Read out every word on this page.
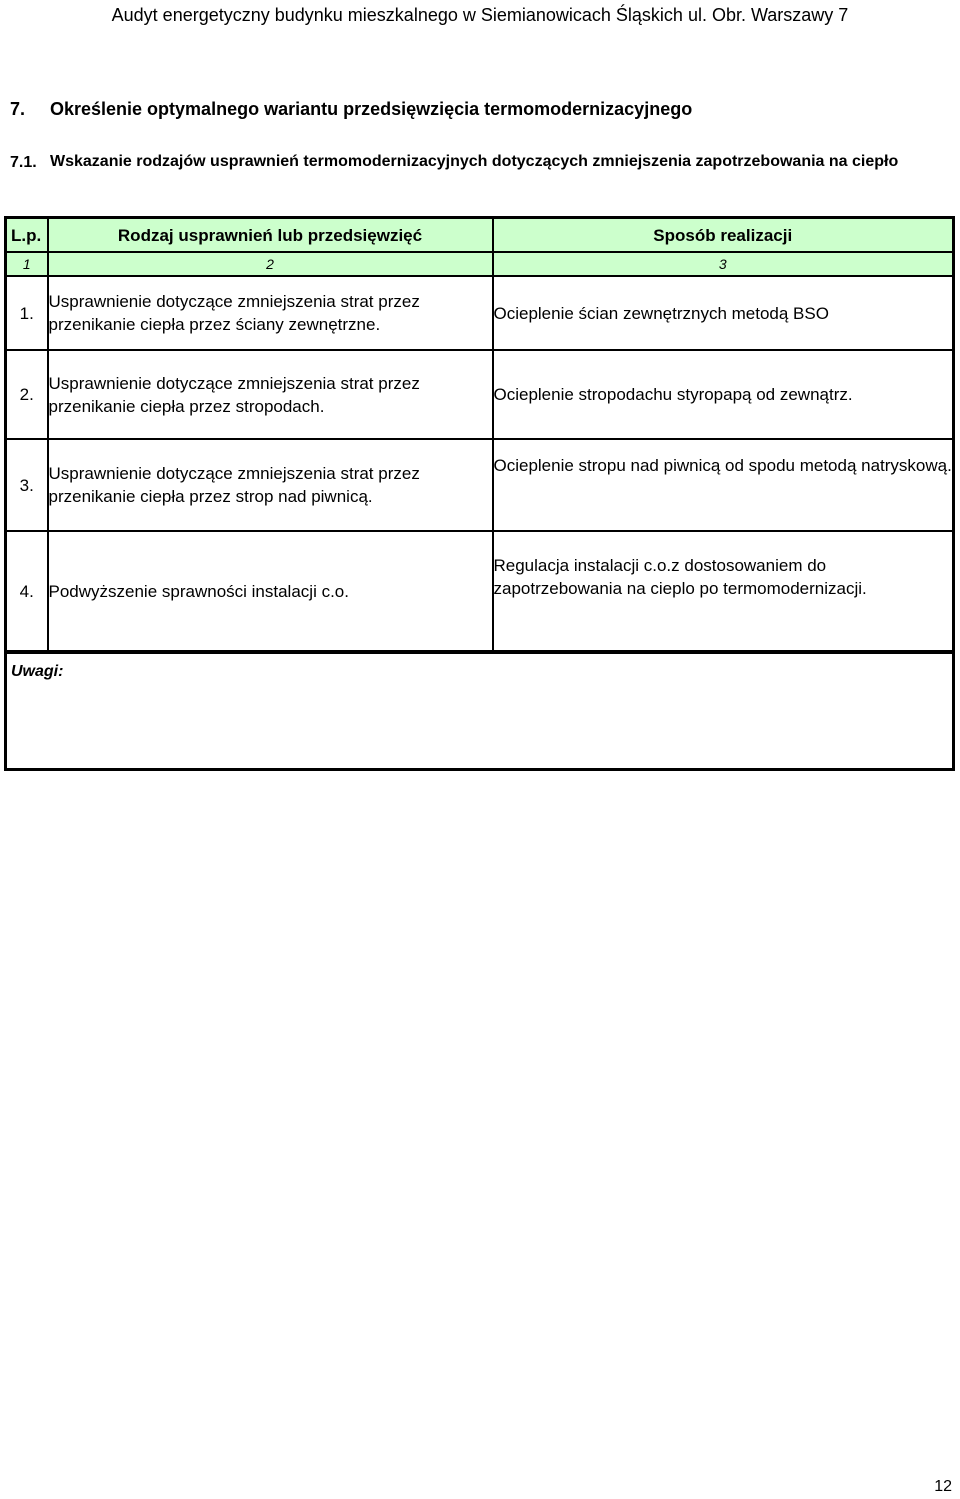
Audyt energetyczny budynku mieszkalnego w Siemianowicach Śląskich ul. Obr. Warszawy 7
7. Określenie optymalnego wariantu przedsięwzięcia termomodernizacyjnego
7.1. Wskazanie rodzajów usprawnień termomodernizacyjnych dotyczących zmniejszenia zapotrzebowania na ciepło
L.p.	Rodzaj usprawnień lub przedsięwzięć	Sposób realizacji
1	2	3
1.	Usprawnienie dotyczące zmniejszenia strat przez przenikanie ciepła przez ściany zewnętrzne.	Ocieplenie ścian zewnętrznych metodą BSO
2.	Usprawnienie dotyczące zmniejszenia strat przez przenikanie ciepła przez stropodach.	Ocieplenie stropodachu styropapą od zewnątrz.
3.	Usprawnienie dotyczące zmniejszenia strat przez przenikanie ciepła przez strop nad piwnicą.	Ocieplenie stropu nad piwnicą od spodu metodą natryskową.
4.	Podwyższenie sprawności instalacji c.o.	Regulacja instalacji c.o.z dostosowaniem do zapotrzebowania na cieplo po termomodernizacji.
Uwagi:		
12
